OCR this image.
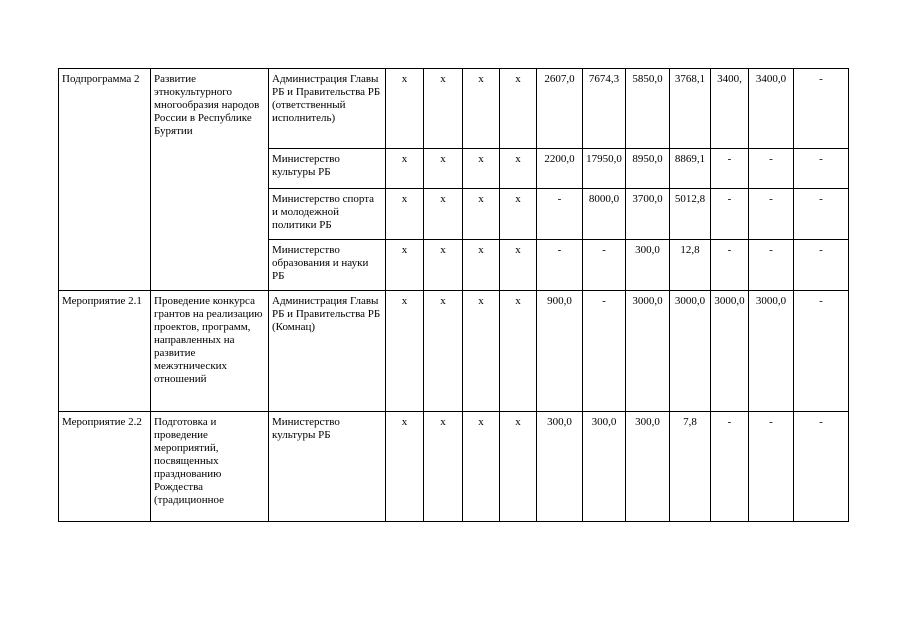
Подпрограмма 2	Развитие этнокультурного многообразия народов России в Республике Бурятии	Администрация Главы РБ и Правительства РБ (ответственный исполнитель)	х	х	х	х	2607,0	7674,3	5850,0	3768,1	3400,	3400,0	-
		Министерство культуры РБ	х	х	х	х	2200,0	17950,0	8950,0	8869,1	-	-	-
		Министерство спорта и молодежной политики РБ	х	х	х	х	-	8000,0	3700,0	5012,8	-	-	-
		Министерство образования и науки РБ	х	х	х	х	-	-	300,0	12,8	-	-	-
Мероприятие 2.1	Проведение конкурса грантов на реализацию проектов, программ, направленных на развитие межэтнических отношений	Администрация Главы РБ и Правительства РБ (Комнац)	х	х	х	х	900,0	-	3000,0	3000,0	3000,0	3000,0	-
Мероприятие 2.2	Подготовка и проведение мероприятий, посвященных празднованию Рождества (традиционное	Министерство культуры РБ	х	х	х	х	300,0	300,0	300,0	7,8	-	-	-
